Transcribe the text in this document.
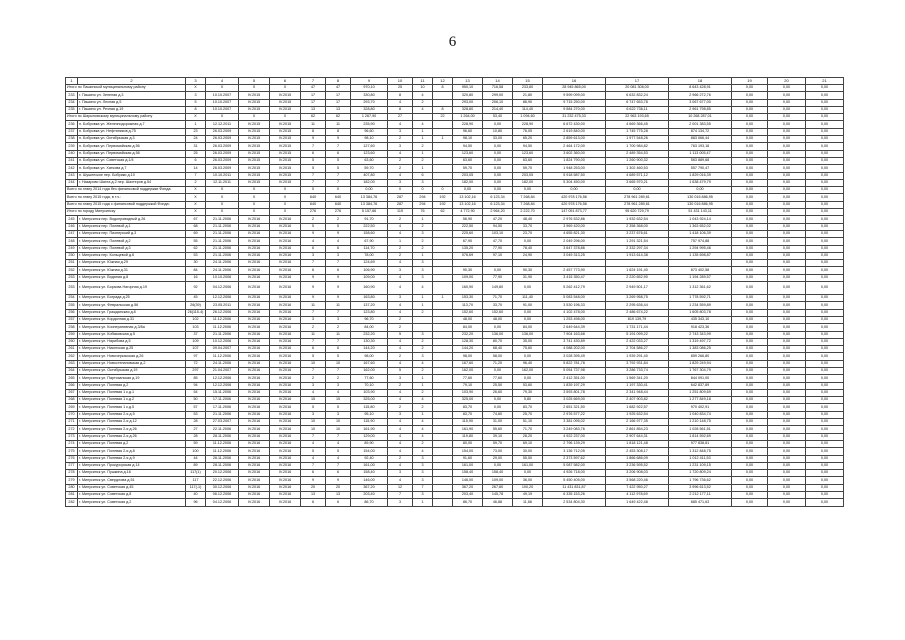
6
1	2	3	4	5	6	7	8	9	10	11	12	13	14	15	16	17	18	19	20	21
Итого по Пашинской муниципальному району		X	X	X	X	47	47	970,10	25	10	8	950,10	716,58	233,60	28 945 865,00	20 081 308,00	8 643 428,91	0,00	0,00	0,00
233	г. Пашино ул. Зеленая д.3	3	10.10.2007	IV.2015	IV.2015	17	17	330,80	8	4		320,80	299,00	21,80	9 599 099,00	6 632 832,24	2 966 272,76	0,00	0,00	0,00
234	г. Пашино ул. Лесная д.5	5	10.10.2007	IV.2015	IV.2015	17	17	293,70	4	2		293,00	206,10	86,90	9 715 250,00	6 747 653,78	3 067 677,00	0,00	0,00	0,00
235	г. Пашино ул. Речная д.19	8	10.10.2007	IV.2015	IV.2015	13	13	328,80	8	4	8	328,80	214,40	114,40	9 584 270,00	6 622 736,11	2 961 798,85	0,00	0,00	0,00
Итого по Шарыповскому муниципальному району		X	X	X	X	62	62	1 267,90	27		22	1 264,00	53,40	1 094,60	31 232 475,33	22 963 193,65	10 268 287,01	0,00	0,00	0,00
236	п. Бобровка ул. Железнодорожная д.7	1	12.12.2011	IV.2015	IV.2015	11	11	235,90	4	4		228,90	0,00	228,90	6 672 430,00	4 669 366,45	2 001 383,55	0,00	0,00	0,00
237	п. Бобровка ул. Нефтяников д.75	23	26.03.2009	IV.2015	IV.2015	8	8	96,60	3	1		96,60	10,80	76,05	2 619 840,00	1 745 775,28	874 134,72	0,00	0,00	0,00
238	п. Бобровка ул. Октябрьская д.3	24	26.03.2009	IV.2015	IV.2015	9	9	98,10	2	1	1	98,10	33,00	65,20	2 859 613,00	1 977 548,26	883 066,44	0,00	0,00	0,00
239	п. Бобровка ул. Первомайская д.56	31	26.03.2009	IV.2015	IV.2015	7	7	127,60	3	2		94,50	0,00	94,50	2 464 172,00	1 700 984,82	763 193,18	0,00	0,00	0,00
240	п. Бобровка ул. Первомайская д.58	25	26.03.2009	IV.2015	IV.2015	6	6	123,60	4	1		123,60	0,00	123,60	3 602 360,00	2 489 354,53	1 113 005,47	0,00	0,00	0,00
241	п. Бобровка ул. Советская д.1/4	6	26.03.2009	IV.2015	IV.2015	5	5	63,60	2	2		63,60	0,00	63,60	1 824 790,00	1 260 900,32	563 889,68	0,00	0,00	0,00
242	п. Бобровка ул. Хаткова д.7	14	26.03.2009	IV.2015	IV.2015	5	5	59,70	2	1		59,70	0,00	59,70	1 948 253,00	1 302 460,53	557 790,47	0,00	0,00	0,00
243	п. Шушенское пер. Бобрики д.10	7	10.10.2011	IV.2015	IV.2015	7	7	407,80	4	6		203,05	0,00	203,05	5 918 587,50	4 689 571,12	1 829 016,39	0,00	0,00	0,00
244	г. Назарово Шахта д.2 пер. Шахтеров д.54	2	12.11.2011	IV.2015	IV.2015	7	7	182,00	3	3		182,00	0,00	182,00	5 304 450,00	3 665 970,21	1 638 479,79	0,00	0,00	0,00
Всего по этапу 2014 года без финансовой поддержки Фонда:		X	X	X	X	0	0	0,00	0	0	0	0,00	0,00	0,00	0,00	0,00	0,00	0,00	0,00	0,00
Всего по этапу 2015 года, в т.ч.:		X	X	X	X	640	640	13 384,76	287	294	192	13 102,16	6 123,34	7 268,84	420 978 176,56	278 961 289,61	130 016 886,95	0,00	0,00	0,00
Всего по этапу 2015 года с финансовой поддержкой Фонда:		X	X	X	X	640	640	13 384,76	287	294	192	13 102,16	6 123,34	7 268,84	420 978 176,56	278 961 289,61	130 016 886,95	0,00	0,00	0,00
Итого по городу Минусинску		X	X	X	X	276	276	5 157,66	119	76	62	4 772,90	2 964,20	2 222,70	147 051 873,77	95 620 729,79	51 431 143,11	0,00	0,00	0,00
245	г. Минусинск пер. Водопроводный д.26	67	21.11.2006	IV.2016	IV.2016	2	2	91,70	2	1		56,90	47,20	48,40	2 976 532,86	1 932 632,54	1 043 924,14	0,00	0,00	0,00
246	г. Минусинск пер. Полевой д.1	68	21.11.2006	IV.2016	IV.2016	5	5	222,50	4	2		222,50	94,50	33,70	3 969 420,00	2 358 368,00	1 363 652,02	0,00	0,00	0,00
247	г. Минусинск пер. Пионерский д.3	69	21.11.2006	IV.2016	IV.2016	9	9	158,60	4	3		225,60	103,10	23,70	4 655 821,30	3 237 676,61	1 418 106,39	0,00	0,00	0,00
248	г. Минусинск пер. Полевой д.2	55	21.11.2006	IV.2016	IV.2016	4	4	67,90	1	2		67,90	47,70	0,00	2 049 296,00	1 291 321,54	757 974,88	0,00	0,00	0,00
249	г. Минусинск пер. Полевой д.3	62	21.11.2006	IV.2016	IV.2016	6	6	114,70	2	2		135,20	77,90	78,40	3 647 378,86	2 332 297,34	1 294 995,46	0,00	0,00	0,00
250	г. Минусинск пер. Кольцевой д.6	53	21.11.2006	IV.2016	IV.2016	3	3	78,00	2	1		076,69	97,10	24,90	3 049 313,25	1 913 614,38	1 135 698,87	0,00	0,00	0,00
251	г. Минусинск ул. Южная д.29	30	24.11.2006	IV.2016	IV.2016	7	7	124,69	4	3								0,00	0,00	0,00
252	г. Минусинск ул. Южная д.31	84	24.11.2006	IV.2016	IV.2016	6	6	106,90	3	3		90,30	0,00	90,30	2 457 773,90	1 624 191,40	873 402,58	0,00	0,00	0,00
253	г. Минусинск ул. Водяная д.8	16	10.10.2006	IV.2016	IV.2016	9	9	109,00	4	3		109,00	77,90	31,90	3 415 350,47	2 220 652,90	1 194 289,57	0,00	0,00	0,00
253	г. Минусинск ул. Борзова Нагорная д.19	92	04.12.2006	IV.2016	IV.2016	9	9	160,90	4	4		160,90	149,80	0,00	5 262 412,79	2 949 501,17	1 312 361,62	0,00	0,00	0,00
254	г. Минусинск ул. Бограда д.25	45	12.12.2006	IV.2016	IV.2016	9	9	163,80	3	1	1	153,30	71,70	111,40	5 083 548,00	3 269 958,75	1 778 592,71	0,00	0,00	0,00
255	г. Минусинск ул. Февральская д.56	26(39)	23.05.2011	IV.2016	IV.2016	11	11	137,20	4	1		113,70	33,70	91,00	3 530 196,33	2 295 636,44	1 234 559,89	0,00	0,00	0,00
256	г. Минусинск ул. Гражданская д.8	26(115-4)	26.12.2006	IV.2016	IV.2016	7	7	123,80	4	2		152,60	152,60	0,00	4 102 478,00	2 486 674,22	1 605 803,78	0,00	0,00	0,00
257	г. Минусинск ул. Кордонная д.31	102	11.12.2006	IV.2016	IV.2016	3	3	96,70	2			48,00	48,00	0,00	1 253 498,00	819 139,79	435 343,10	0,00	0,00	0,00
258	г. Минусинск ул. Кооперативная д.3/8а	103	11.12.2006	IV.2016	IV.2016	2	2	84,00	2			84,00	0,00	84,00	2 649 644,39	1 731 171,44	918 423,36	0,00	0,00	0,00
259	г. Минусинск ул. Кобяковская д.5	37	21.11.2006	IV.2016	IV.2016	11	11	232,20	5	3		232,20	136,00	136,00	7 904 163,68	5 191 099,22	2 743 343,99	0,00	0,00	0,00
260	г. Минусинск ул. Нарибова д.5	109	10.12.2006	IV.2016	IV.2016	7	7	130,30	4	2		128,30	80,70	35,00	3 741 430,89	2 422 033,27	1 319 497,72	0,00	0,00	0,00
261	г. Минусинск ул. Никитская д.25	107	09.04.2007	IV.2016	IV.2016	6	6	144,20	4	2		144,20	68,40	75,60	4 088 202,00	2 704 586,27	1 383 086,25	0,00	0,00	0,00
262	г. Минусинск ул. Новочеркасская д.26	97	11.12.2006	IV.2016	IV.2016	5	5	98,00	2	3		98,00	58,00	0,00	3 028 395,49	1 939 291,40	859 266,80	0,00	0,00	0,00
263	г. Минусинск ул. Новостепановская д.2	72	24.11.2006	IV.2016	IV.2016	10	10	167,60	4	4		167,60	71,20	96,40	5 822 781,78	3 792 931,84	1 829 249,94	0,00	0,00	0,00
264	г. Минусинск ул. Октябрьская д.19	297	21.04.2007	IV.2016	IV.2016	7	7	162,00	5	2		162,00	0,00	162,00	5 054 737,98	3 286 733,74	1 767 304,79	0,00	0,00	0,00
265	г. Минусинск ул. Партизанская д.19	85	12.12.2006	IV.2016	IV.2016	2	2	77,60	3	1		77,60	77,60	0,00	2 412 351,00	1 569 341,20	844 091,00	0,00	0,00	0,00
266	г. Минусинск ул. Полевая д.2	94	12.12.2006	IV.2016	IV.2016	3	3	70,10	2	1		79,10	25,50	53,60	1 839 197,29	1 197 330,41	642 837,89	0,00	0,00	0,00
267	г. Минусинск ул. Полевая 1 к.д.1	54	15.11.2006	IV.2016	IV.2016	4	4	103,90	4	2		103,90	26,60	79,30	3 593 801,78	2 341 948,44	1 251 809,69	0,00	0,00	0,00
268	г. Минусинск ул. Полевая 1 к.д.2	50	17.11.2006	IV.2016	IV.2016	15	15	325,00	4	4		325,00	0,00	5,80	3 025 669,00	2 407 903,82	1 277 849,18	0,00	0,00	0,00
269	г. Минусинск ул. Полевая 1 к.д.5	57	17.11.2006	IV.2016	IV.2016	5	5	115,80	2	2		83,70	0,00	83,70	2 651 321,50	1 682 922,57	970 402,91	0,00	0,00	0,00
270	г. Минусинск ул. Полевая 2-я д.5	53	21.11.2006	IV.2016	IV.2016	3	3	95,10	3	1		83,70	74,60	25,70	2 976 577,22	1 925 632,54	1 040 834,74	0,00	0,00	0,00
271	г. Минусинск ул. Полевая 2-я д.12	28	27.03.2007	IV.2016	IV.2016	10	10	115,90	4	4		115,90	31,00	51,10	3 381 095,02	2 166 977,35	1 210 148,75	0,00	0,00	0,00
272	г. Минусинск ул. Полевая 2-я д.26	27	22.11.2006	IV.2016	IV.2016	10	10	161,90	4	4		161,90	55,60	71,70	3 249 083,76	2 861 854,23	1 028 561,51	0,00	0,00	0,00
273	г. Минусинск ул. Полевая 2-я д.26	28	28.11.2006	IV.2016	IV.2016	7	7	129,00	4	4		119,80	39,10	28,20	4 922 237,00	2 907 644,31	1 814 592,69	0,00	0,00	0,00
274	г. Минусинск ул. Полевая д.2	59	11.12.2006	IV.2016	IV.2016	4	4	89,90	4	2		80,00	59,70	69,10	2 796 139,29	1 818 121,48	977 838,81	0,00	0,00	0,00
275	г. Минусинск ул. Полевая 2-я д.8	100	11.12.2006	IV.2016	IV.2016	5	5	154,00	4	4		154,00	73,00	30,00	3 136 712,05	2 453 308,17	1 312 848,75	0,00	0,00	0,00
276	г. Минусинск ул. Полевая 2-я д.9	44	26.11.2006	IV.2016	IV.2016	4	4	92,40	2	3		91,60	29,00	55,50	2 373 597,62	1 866 686,09	1 012 411,53	0,00	0,00	0,00
277	г. Минусинск ул. Прокурорская д.14	89	28.11.2006	IV.2016	IV.2016	7	7	161,00	4	3		161,00	0,00	161,00	5 087 582,00	3 236 595,52	1 231 109,15	0,00	0,00	0,00
278	г. Минусинск ул. Пушкина д.16	117(1)	20.12.2006	IV.2016	IV.2016	6	6	158,40	3	3		158,40	158,40	0,00	4 926 718,00	3 206 908,03	1 720 809,24	0,00	0,00	0,00
279	г. Минусинск ул. Свердлова д.51	117	22.12.2006	IV.2016	IV.2016	9	9	146,00	4	3		146,00	109,00	36,00	5 450 405,00	3 568 220,46	1 796 736,62	0,00	0,00	0,00
280	г. Минусинск ул. Советская д.45	117(-1)	30.12.2006	IV.2016	IV.2016	20	20	367,20	12	7		367,20	267,80	100,20	11 431 831,87	7 422 950,27	3 996 613,52	0,00	0,00	0,00
281	г. Минусинск ул. Советская д.8	40	06.12.2006	IV.2016	IV.2016	13	13	203,40	7	3		203,40	145,78	49,19	6 335 153,26	4 112 978,69	2 212 177,11	0,00	0,00	0,00
282	г. Минусинск ул. Советская д.2	96	04.12.2006	IV.2016	IV.2016	6	6	86,70	3	1		86,70	46,88	11,66	2 534 804,30	1 649 422,48	885 471,63	0,00	0,00	0,00
